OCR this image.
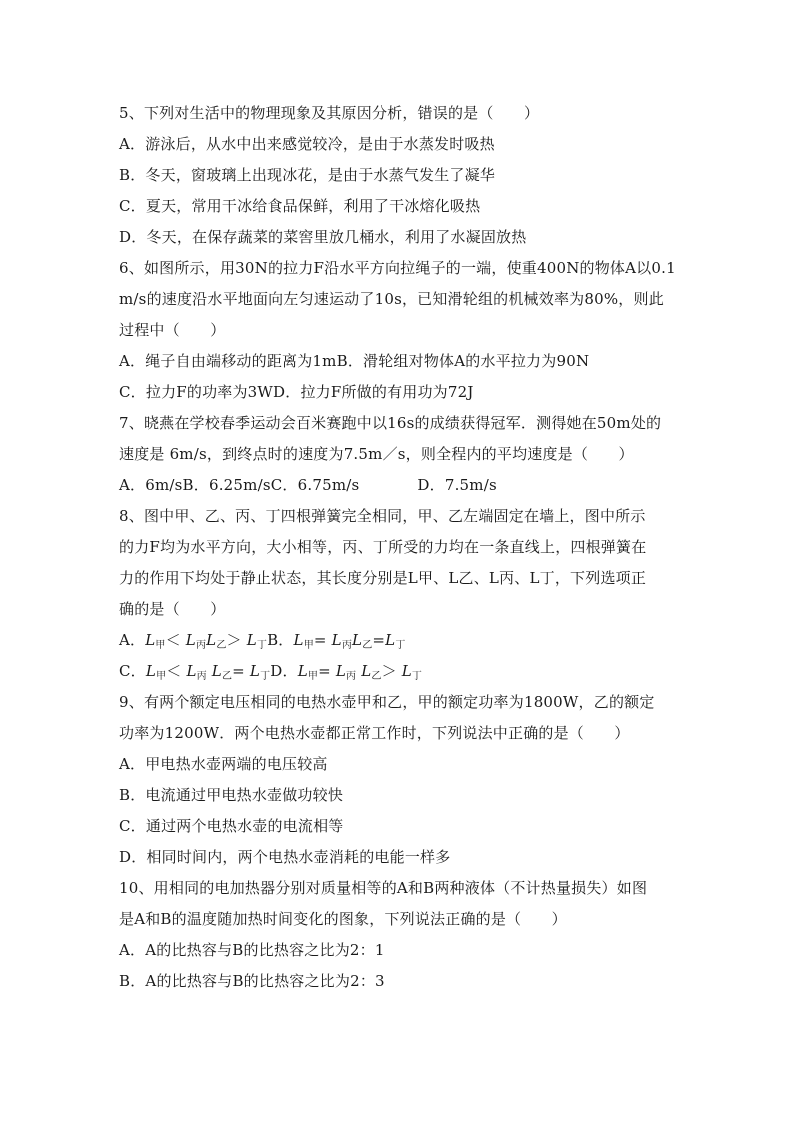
5、下列对生活中的物理现象及其原因分析，错误的是（　　）
A．游泳后，从水中出来感觉较冷，是由于水蒸发时吸热
B．冬天，窗玻璃上出现冰花，是由于水蒸气发生了凝华
C．夏天，常用干冰给食品保鲜，利用了干冰熔化吸热
D．冬天，在保存蔬菜的菜窖里放几桶水，利用了水凝固放热
6、如图所示，用30N的拉力F沿水平方向拉绳子的一端，使重400N的物体A以0.1
m/s的速度沿水平地面向左匀速运动了10s，已知滑轮组的机械效率为80%，则此
过程中（　　）
A．绳子自由端移动的距离为1mB．滑轮组对物体A的水平拉力为90N
C．拉力F的功率为3WD．拉力F所做的有用功为72J
7、晓燕在学校春季运动会百米赛跑中以16s的成绩获得冠军．测得她在50m处的
速度是 6m/s，到终点时的速度为7.5m／s，则全程内的平均速度是（　　）
A．6m/sB．6.25m/sC．6.75m/s	D．7.5m/s
8、图中甲、乙、丙、丁四根弹簧完全相同，甲、乙左端固定在墙上，图中所示
的力F均为水平方向，大小相等，丙、丁所受的力均在一条直线上，四根弹簧在
力的作用下均处于静止状态，其长度分别是L甲、L乙、L丙、L丁，下列选项正
确的是（　　）
A．$L_甲< L_丙L_乙> L_丁B$．$L_甲= L_丙L_乙=L_丁$
C．$L_甲< L_丙$ $L_乙= L_丁D$．$L_甲= L_丙$ $L_乙> L_丁$
9、有两个额定电压相同的电热水壶甲和乙，甲的额定功率为1800W，乙的额定
功率为1200W．两个电热水壶都正常工作时，下列说法中正确的是（　　）
A．甲电热水壶两端的电压较高
B．电流通过甲电热水壶做功较快
C．通过两个电热水壶的电流相等
D．相同时间内，两个电热水壶消耗的电能一样多
10、用相同的电加热器分别对质量相等的A和B两种液体（不计热量损失）如图
是A和B的温度随加热时间变化的图象，下列说法正确的是（　　）
A．A的比热容与B的比热容之比为2：1
B．A的比热容与B的比热容之比为2：3
